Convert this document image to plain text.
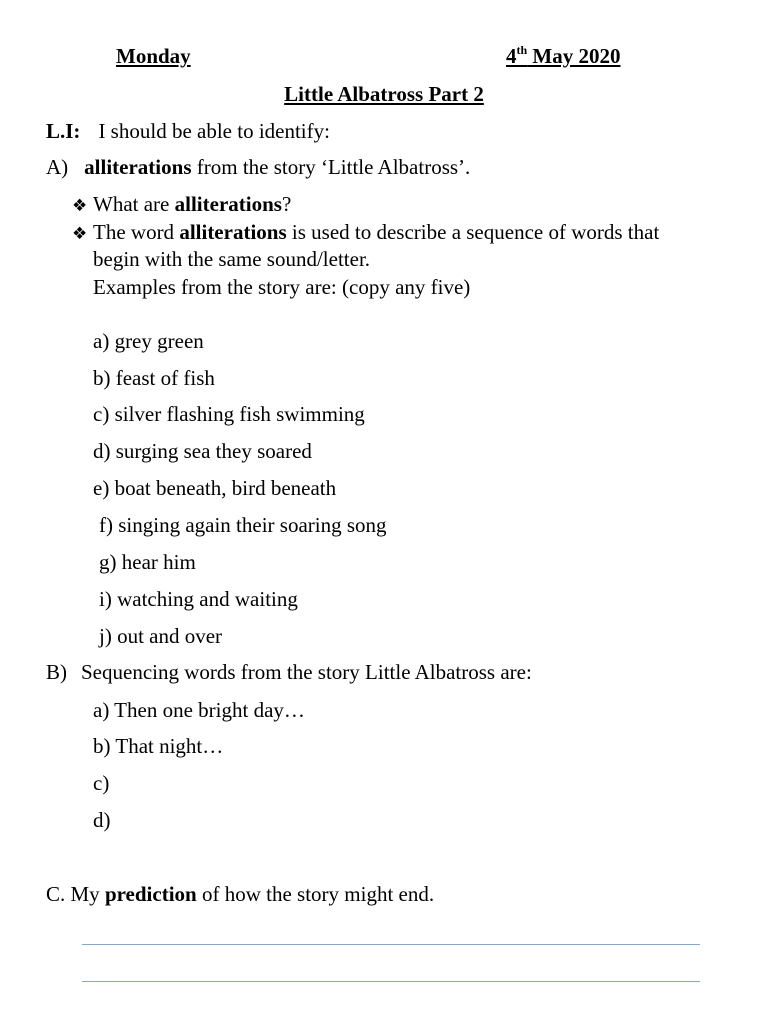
Monday	4th May 2020
Little Albatross Part 2
L.I: I should be able to identify:
A) alliterations from the story ‘Little Albatross’.
❖ What are alliterations?
❖ The word alliterations is used to describe a sequence of words that
begin with the same sound/letter.
Examples from the story are: (copy any five)
a) grey green
b) feast of fish
c) silver flashing fish swimming
d) surging sea they soared
e) boat beneath, bird beneath
f) singing again their soaring song
g) hear him
i) watching and waiting
j) out and over
B) Sequencing words from the story Little Albatross are:
a) Then one bright day…
b) That night…
c)
d)
C. My prediction of how the story might end.
